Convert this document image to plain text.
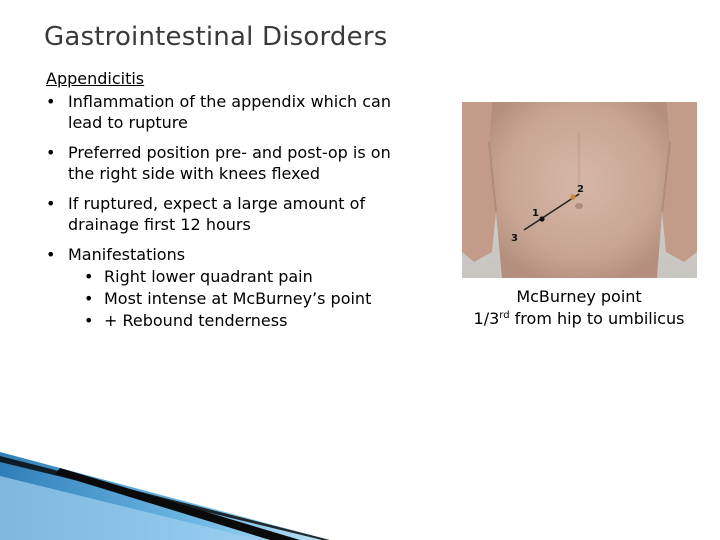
Gastrointestinal Disorders
Appendicitis
• Inflammation of the appendix which can
lead to rupture
• Preferred position pre- and post-op is on
the right side with knees flexed
• If ruptured, expect a large amount of
drainage first 12 hours
• Manifestations
• Right lower quadrant pain
• Most intense at McBurney’s point
• + Rebound tenderness
1
2
3
McBurney point
1/3rd from hip to umbilicus
